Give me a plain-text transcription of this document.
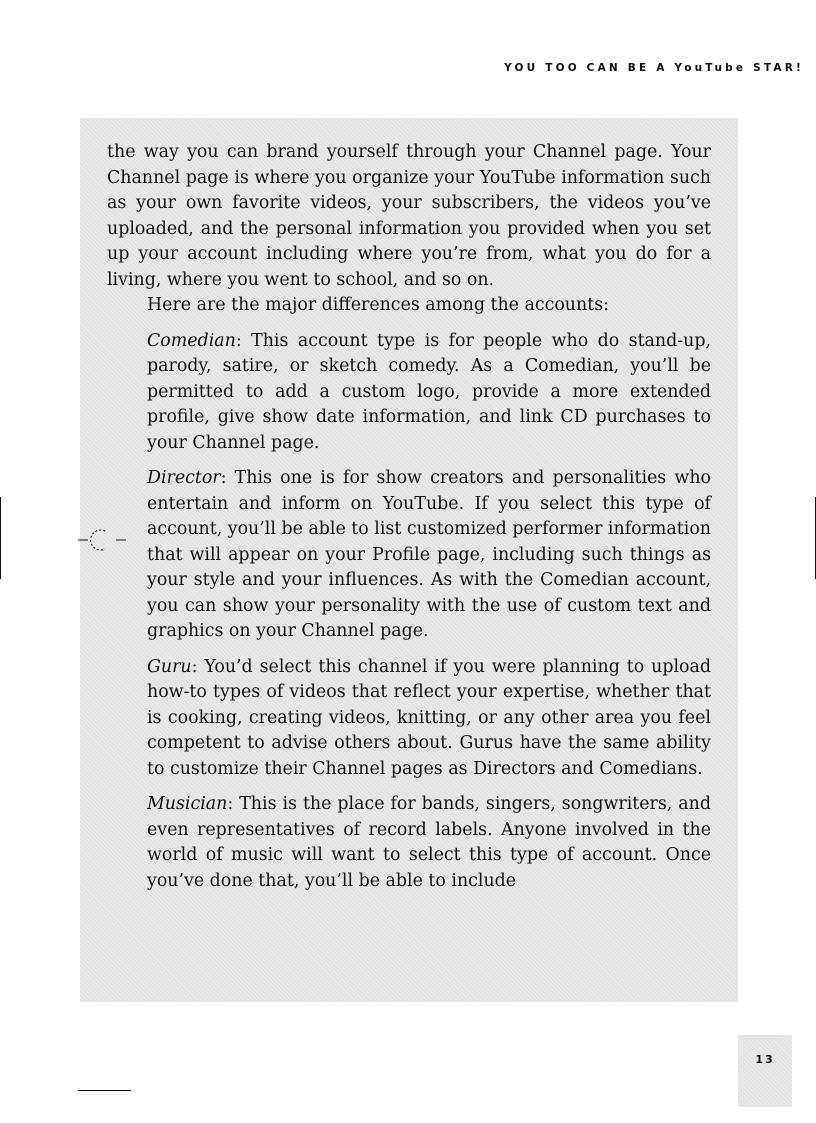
YOU TOO CAN BE A YouTube STAR!

the way you can brand yourself through your Channel page. Your Channel page is where you organize your YouTube information such as your own favorite videos, your subscribers, the videos you’ve uploaded, and the personal information you provided when you set up your account including where you’re from, what you do for a living, where you went to school, and so on.

Here are the major differences among the accounts:

Comedian: This account type is for people who do stand-up, parody, satire, or sketch comedy. As a Comedian, you’ll be permitted to add a custom logo, provide a more extended profile, give show date information, and link CD purchases to your Channel page.

Director: This one is for show creators and personalities who entertain and inform on YouTube. If you select this type of account, you’ll be able to list customized performer information that will appear on your Profile page, including such things as your style and your influences. As with the Comedian account, you can show your personality with the use of custom text and graphics on your Channel page.

Guru: You’d select this channel if you were planning to upload how-to types of videos that reflect your expertise, whether that is cooking, creating videos, knitting, or any other area you feel competent to advise others about. Gurus have the same ability to customize their Channel pages as Directors and Comedians.

Musician: This is the place for bands, singers, songwriters, and even representatives of record labels. Anyone involved in the world of music will want to select this type of account. Once you’ve done that, you’ll be able to include

13
